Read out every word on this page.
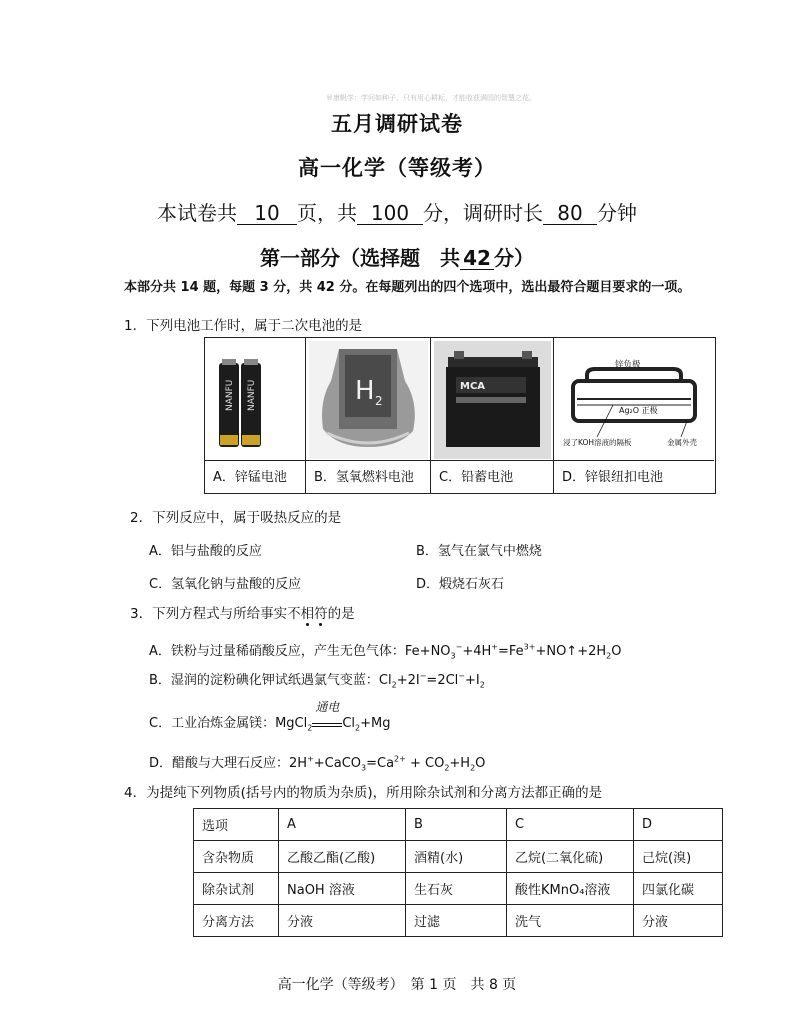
®康帆学：学问如种子，只有用心耕耘，才能收获满园的智慧之花。
五月调研试卷
高一化学（等级考）
本试卷共 10 页，共 100 分，调研时长 80 分钟
第一部分（选择题　共 42 分）
本部分共 14 题，每题 3 分，共 42 分。在每题列出的四个选项中，选出最符合题目要求的一项。
1．下列电池工作时，属于二次电池的是
NANFU NANFU
A．锌锰电池
H 2
B．氢氧燃料电池
MCA
C．铅蓄电池
锌负极
Ag₂O 正极
浸了KOH溶液的隔板	金属外壳
D．锌银纽扣电池
2．下列反应中，属于吸热反应的是
A．铝与盐酸的反应	B．氢气在氯气中燃烧
C．氢氧化钠与盐酸的反应	D．煅烧石灰石
3．下列方程式与所给事实不相符的是
A．铁粉与过量稀硝酸反应，产生无色气体：$Fe+NO_3^-+4H^+=Fe^{3+}+NO↑+2H_2O$
B．湿润的淀粉碘化钾试纸遇氯气变蓝：$Cl_2+2I^-=2Cl^-+I_2$
C．工业冶炼金属镁：MgCl$_2$
通电
$Cl_2+Mg$
D．醋酸与大理石反应：$2H^++CaCO_3=Ca^{2+} + CO_2+H_2O$
4．为提纯下列物质(括号内的物质为杂质)，所用除杂试剂和分离方法都正确的是
选项	A	B	C	D
含杂物质	乙酸乙酯(乙酸)	酒精(水)	乙烷(二氧化硫)	己烷(溴)
除杂试剂	NaOH 溶液	生石灰	酸性KMnO₄溶液	四氯化碳
分离方法	分液	过滤	洗气	分液
高一化学（等级考）　第 1 页　共 8 页
